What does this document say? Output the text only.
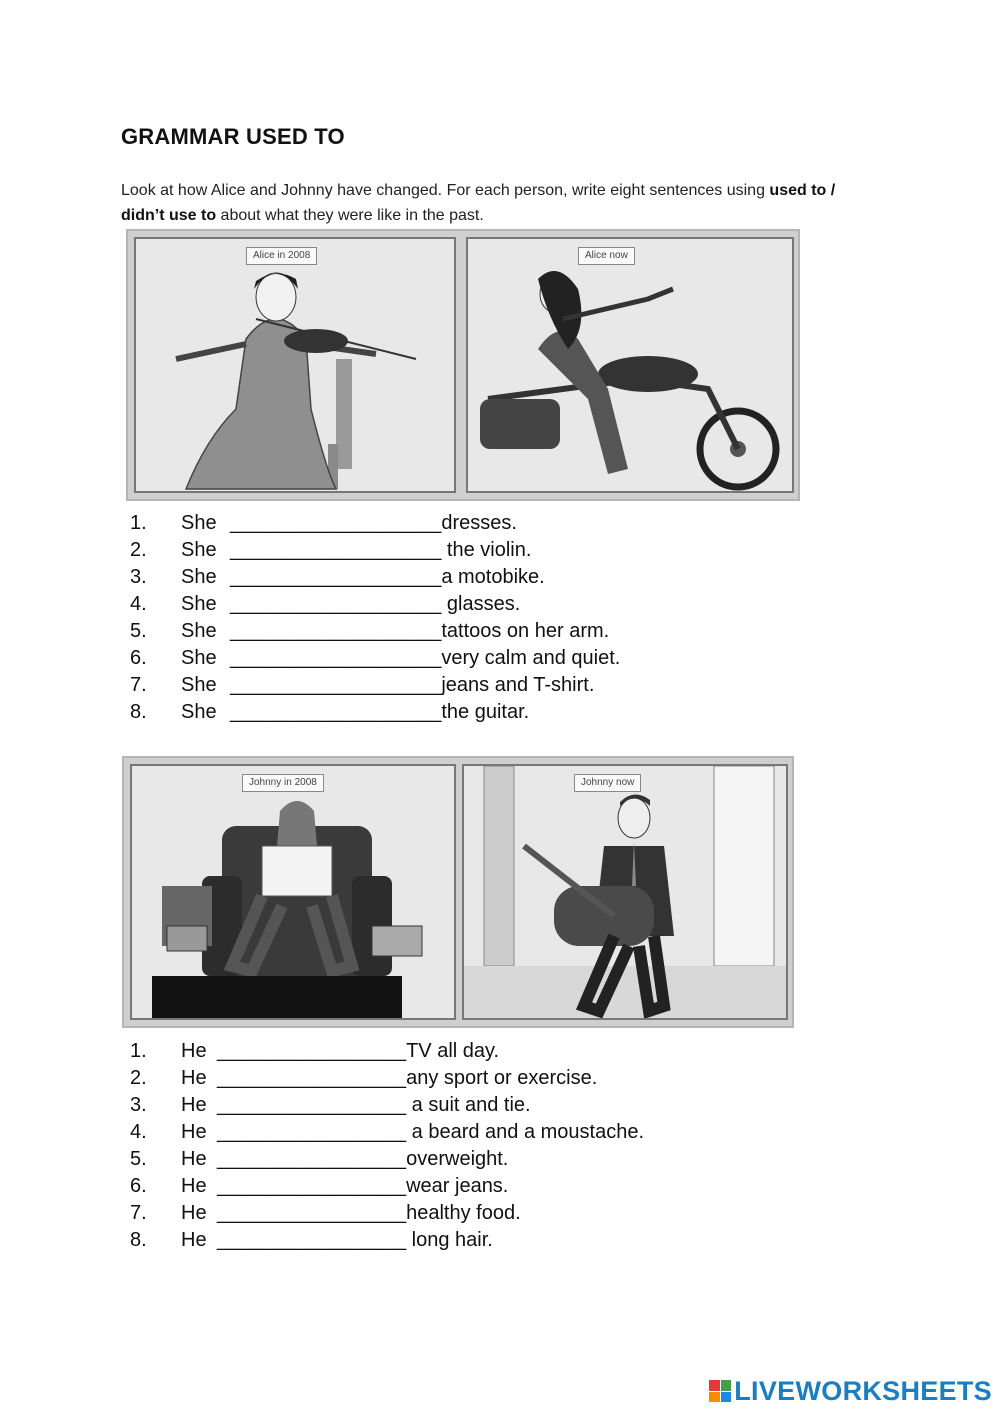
GRAMMAR USED TO
Look at how Alice and Johnny have changed. For each person, write eight sentences using used to / didn’t use to about what they were like in the past.
Alice in 2008	Alice now
1.	She ___________________dresses.
2.	She ___________________ the violin.
3.	She ___________________a motobike.
4.	She ___________________ glasses.
5.	She ___________________tattoos on her arm.
6.	She ___________________very calm and quiet.
7.	She ___________________jeans and T-shirt.
8.	She ___________________the guitar.
Johnny in 2008	Johnny now
1.	He _________________TV all day.
2.	He _________________any sport or exercise.
3.	He _________________ a suit and tie.
4.	He _________________ a beard and a moustache.
5.	He _________________overweight.
6.	He _________________wear jeans.
7.	He _________________healthy food.
8.	He _________________ long hair.
LIVEWORKSHEETS
